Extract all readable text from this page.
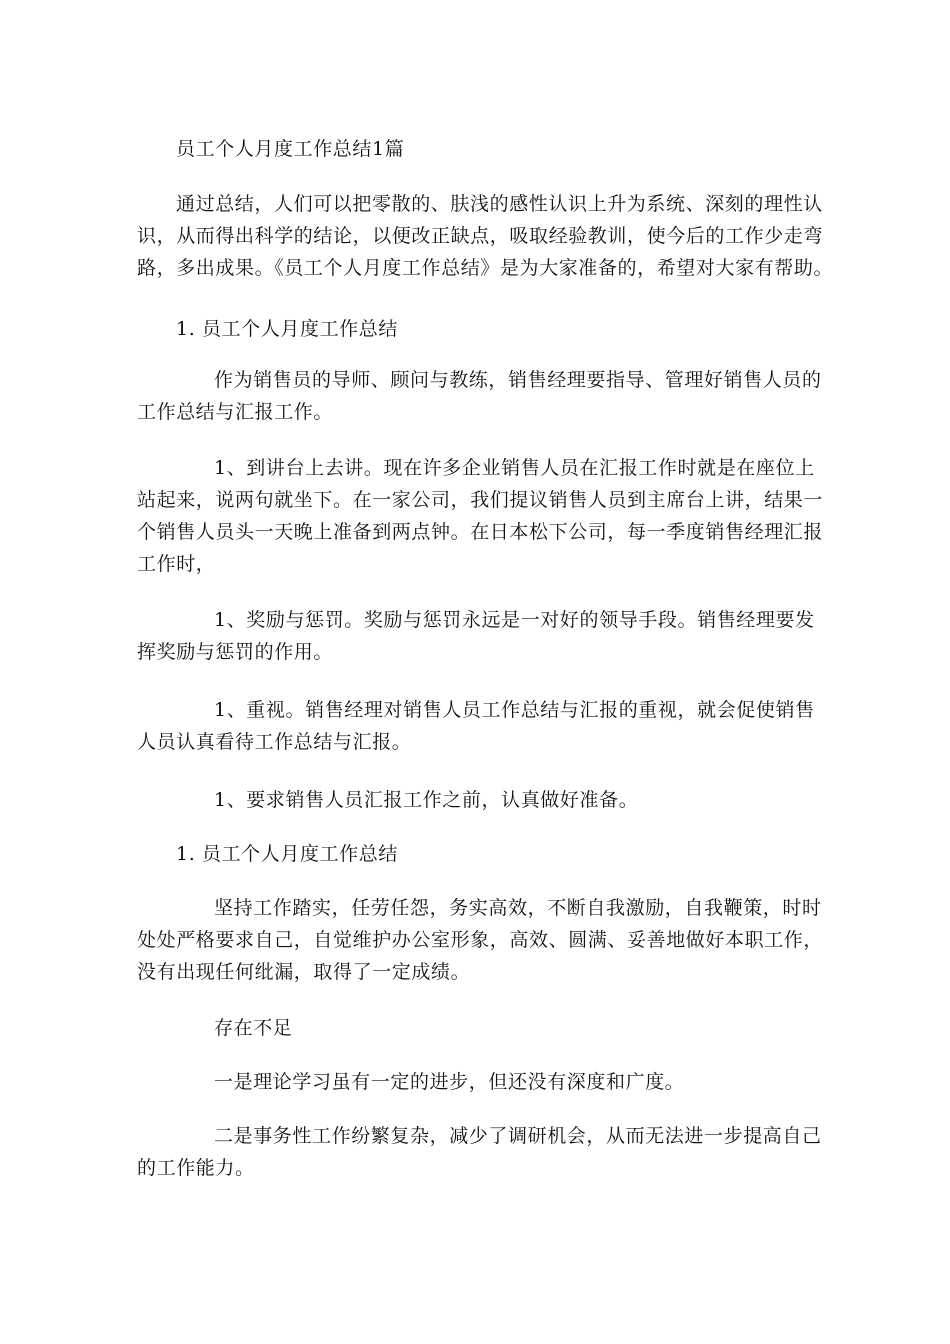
员工个人月度工作总结1篇
通过总结，人们可以把零散的、肤浅的感性认识上升为系统、深刻的理性认
识，从而得出科学的结论，以便改正缺点，吸取经验教训，使今后的工作少走弯
路，多出成果。《员工个人月度工作总结》是为大家准备的，希望对大家有帮助。
1. 员工个人月度工作总结
作为销售员的导师、顾问与教练，销售经理要指导、管理好销售人员的
工作总结与汇报工作。
1、到讲台上去讲。现在许多企业销售人员在汇报工作时就是在座位上
站起来，说两句就坐下。在一家公司，我们提议销售人员到主席台上讲，结果一
个销售人员头一天晚上准备到两点钟。在日本松下公司，每一季度销售经理汇报
工作时，
1、奖励与惩罚。奖励与惩罚永远是一对好的领导手段。销售经理要发
挥奖励与惩罚的作用。
1、重视。销售经理对销售人员工作总结与汇报的重视，就会促使销售
人员认真看待工作总结与汇报。
1、要求销售人员汇报工作之前，认真做好准备。
1. 员工个人月度工作总结
坚持工作踏实，任劳任怨，务实高效，不断自我激励，自我鞭策，时时
处处严格要求自己，自觉维护办公室形象，高效、圆满、妥善地做好本职工作，
没有出现任何纰漏，取得了一定成绩。
存在不足
一是理论学习虽有一定的进步，但还没有深度和广度。
二是事务性工作纷繁复杂，减少了调研机会，从而无法进一步提高自己
的工作能力。
